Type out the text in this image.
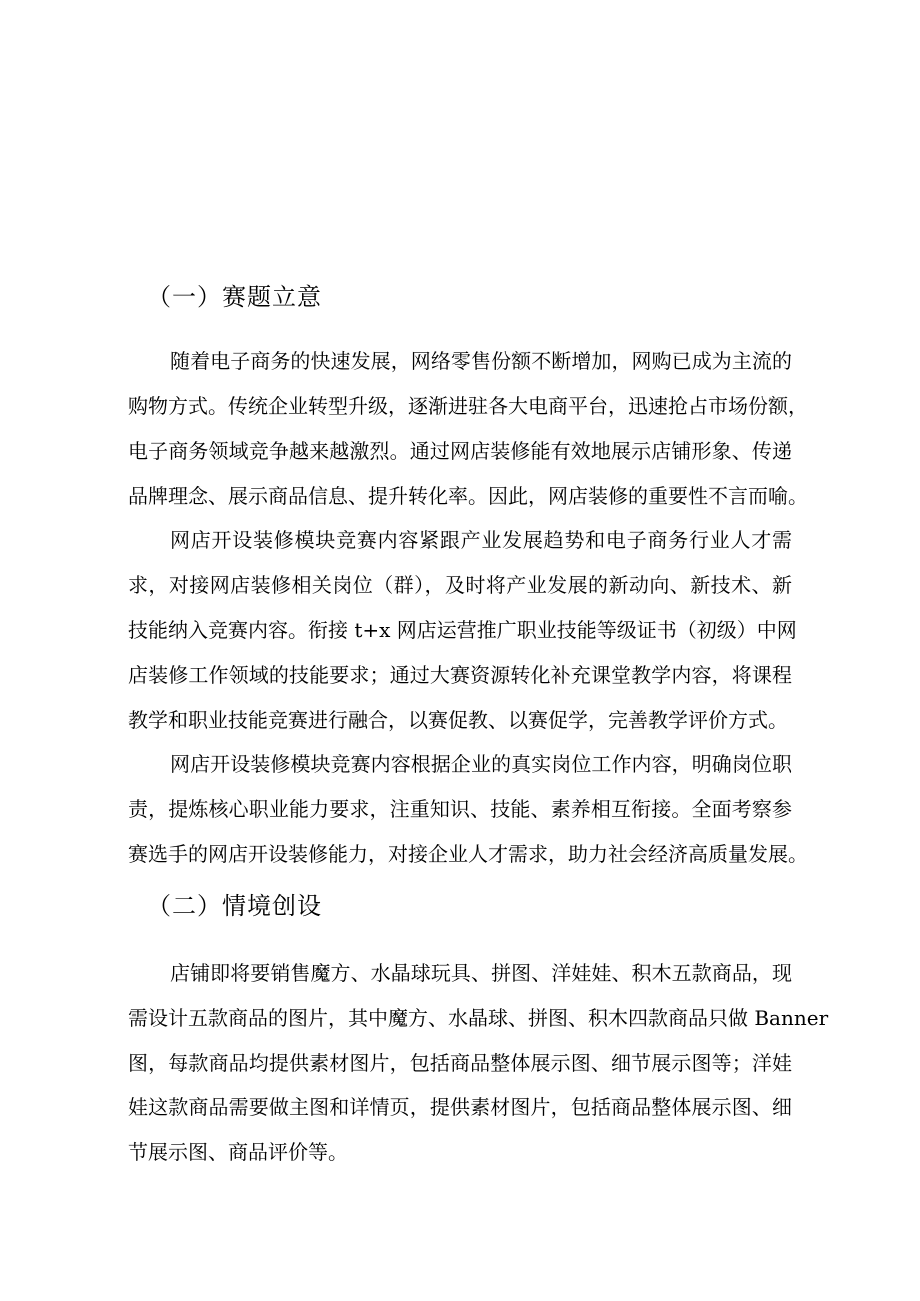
（一）赛题立意
随着电子商务的快速发展，网络零售份额不断增加，网购已成为主流的
购物方式。传统企业转型升级，逐渐进驻各大电商平台，迅速抢占市场份额，
电子商务领域竞争越来越激烈。通过网店装修能有效地展示店铺形象、传递
品牌理念、展示商品信息、提升转化率。因此，网店装修的重要性不言而喻。
网店开设装修模块竞赛内容紧跟产业发展趋势和电子商务行业人才需
求，对接网店装修相关岗位（群），及时将产业发展的新动向、新技术、新
技能纳入竞赛内容。衔接 t+x 网店运营推广职业技能等级证书（初级）中网
店装修工作领域的技能要求；通过大赛资源转化补充课堂教学内容，将课程
教学和职业技能竞赛进行融合，以赛促教、以赛促学，完善教学评价方式。
网店开设装修模块竞赛内容根据企业的真实岗位工作内容，明确岗位职
责，提炼核心职业能力要求，注重知识、技能、素养相互衔接。全面考察参
赛选手的网店开设装修能力，对接企业人才需求，助力社会经济高质量发展。
（二）情境创设
店铺即将要销售魔方、水晶球玩具、拼图、洋娃娃、积木五款商品，现
需设计五款商品的图片，其中魔方、水晶球、拼图、积木四款商品只做 Banner
图，每款商品均提供素材图片，包括商品整体展示图、细节展示图等；洋娃
娃这款商品需要做主图和详情页，提供素材图片，包括商品整体展示图、细
节展示图、商品评价等。
